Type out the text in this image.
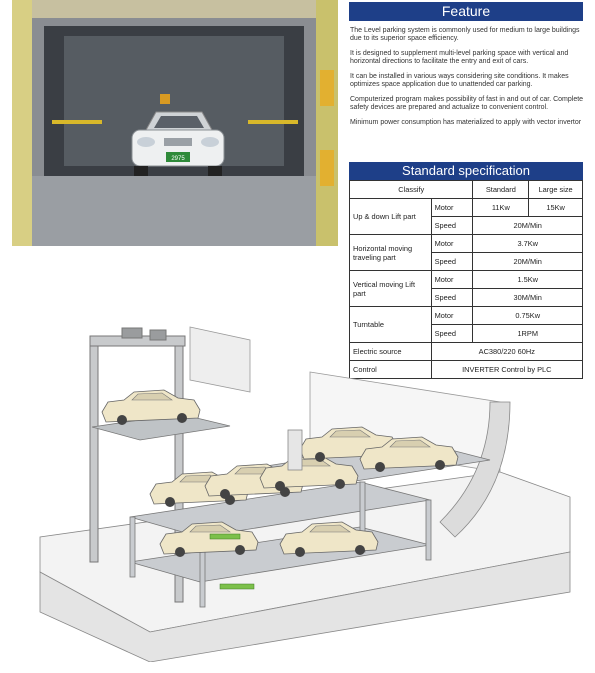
2975
Feature

The Level parking system is commonly used for medium to large buildings due to its superior space efficiency.

It is designed to supplement multi-level parking space with vertical and horizontal directions to facilitate the entry and exit of cars.

It can be installed in various ways considering site conditions. It makes optimizes space application due to unattended car parking.

Computerized program makes possibility of fast in and out of car. Complete safety devices are prepared and actualize to convenient control.

Minimum power consumption has materialized to apply with vector invertor

Standard specification
Classify		Standard	Large size
Up & down Lift part	Motor	11Kw	15Kw
	Speed	20M/Min	
Horizontal moving traveling part	Motor	3.7Kw	
	Speed	20M/Min	
Vertical moving Lift part	Motor	1.5Kw	
	Speed	30M/Min	
Turntable	Motor	0.75Kw	
	Speed	1RPM	
Electric source	AC380/220 60Hz		
Control	INVERTER Control by PLC		
